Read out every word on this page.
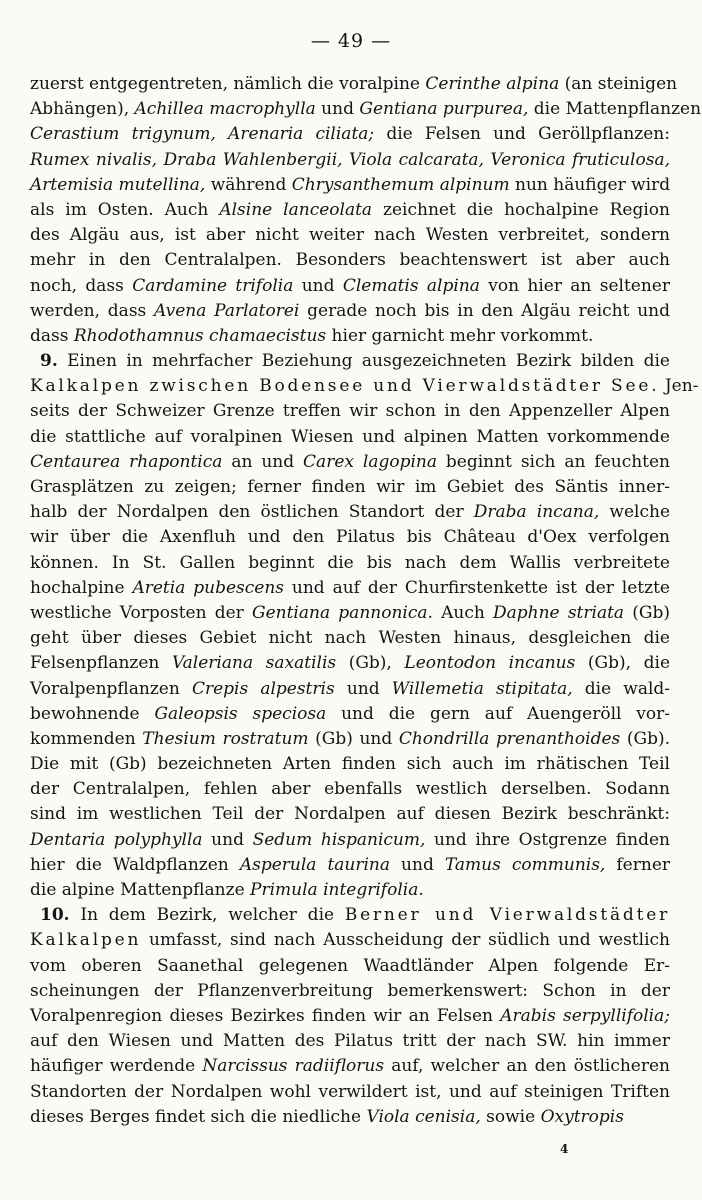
— 49 —
zuerst entgegentreten, nämlich die voralpine Cerinthe alpina (an steinigen
Abhängen), Achillea macrophylla und Gentiana purpurea, die Mattenpflanzen
Cerastium trigynum, Arenaria ciliata; die Felsen und Geröllpflanzen:
Rumex nivalis, Draba Wahlenbergii, Viola calcarata, Veronica fruticulosa,
Artemisia mutellina, während Chrysanthemum alpinum nun häufiger wird
als im Osten. Auch Alsine lanceolata zeichnet die hochalpine Region
des Algäu aus, ist aber nicht weiter nach Westen verbreitet, sondern
mehr in den Centralalpen. Besonders beachtenswert ist aber auch
noch, dass Cardamine trifolia und Clematis alpina von hier an seltener
werden, dass Avena Parlatorei gerade noch bis in den Algäu reicht und
dass Rhodothamnus chamaecistus hier garnicht mehr vorkommt.
9. Einen in mehrfacher Beziehung ausgezeichneten Bezirk bilden die
Kalkalpen zwischen Bodensee und Vierwaldstädter See. Jen-
seits der Schweizer Grenze treffen wir schon in den Appenzeller Alpen
die stattliche auf voralpinen Wiesen und alpinen Matten vorkommende
Centaurea rhapontica an und Carex lagopina beginnt sich an feuchten
Grasplätzen zu zeigen; ferner finden wir im Gebiet des Säntis inner-
halb der Nordalpen den östlichen Standort der Draba incana, welche
wir über die Axenfluh und den Pilatus bis Château d'Oex verfolgen
können. In St. Gallen beginnt die bis nach dem Wallis verbreitete
hochalpine Aretia pubescens und auf der Churfirstenkette ist der letzte
westliche Vorposten der Gentiana pannonica. Auch Daphne striata (Gb)
geht über dieses Gebiet nicht nach Westen hinaus, desgleichen die
Felsenpflanzen Valeriana saxatilis (Gb), Leontodon incanus (Gb), die
Voralpenpflanzen Crepis alpestris und Willemetia stipitata, die wald-
bewohnende Galeopsis speciosa und die gern auf Auengeröll vor-
kommenden Thesium rostratum (Gb) und Chondrilla prenanthoides (Gb).
Die mit (Gb) bezeichneten Arten finden sich auch im rhätischen Teil
der Centralalpen, fehlen aber ebenfalls westlich derselben. Sodann
sind im westlichen Teil der Nordalpen auf diesen Bezirk beschränkt:
Dentaria polyphylla und Sedum hispanicum, und ihre Ostgrenze finden
hier die Waldpflanzen Asperula taurina und Tamus communis, ferner
die alpine Mattenpflanze Primula integrifolia.
10. In dem Bezirk, welcher die Berner und Vierwaldstädter
Kalkalpen umfasst, sind nach Ausscheidung der südlich und westlich
vom oberen Saanethal gelegenen Waadtländer Alpen folgende Er-
scheinungen der Pflanzenverbreitung bemerkenswert: Schon in der
Voralpenregion dieses Bezirkes finden wir an Felsen Arabis serpyllifolia;
auf den Wiesen und Matten des Pilatus tritt der nach SW. hin immer
häufiger werdende Narcissus radiiflorus auf, welcher an den östlicheren
Standorten der Nordalpen wohl verwildert ist, und auf steinigen Triften
dieses Berges findet sich die niedliche Viola cenisia, sowie Oxytropis
4
